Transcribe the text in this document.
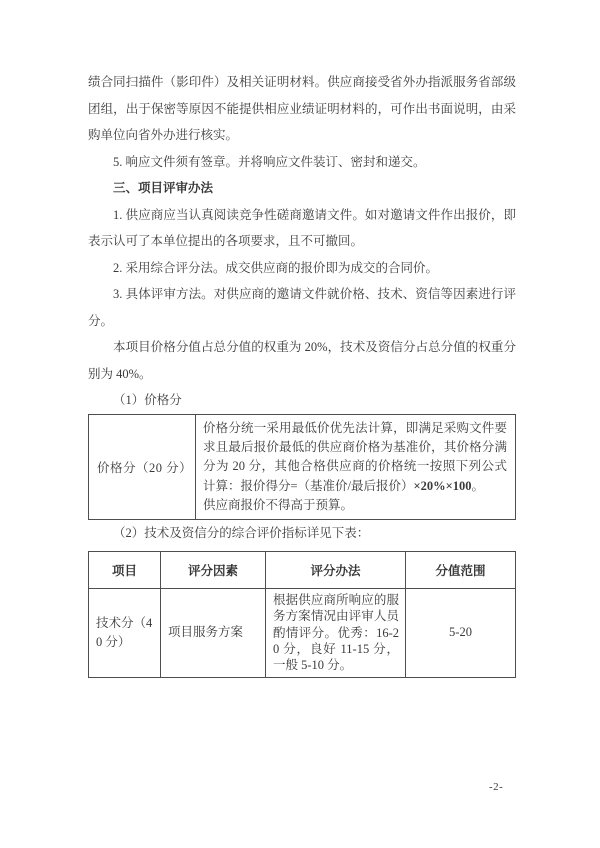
绩合同扫描件（影印件）及相关证明材料。供应商接受省外办指派服务省部级团组，出于保密等原因不能提供相应业绩证明材料的，可作出书面说明，由采购单位向省外办进行核实。

5. 响应文件须有签章。并将响应文件装订、密封和递交。

三、项目评审办法

1. 供应商应当认真阅读竞争性磋商邀请文件。如对邀请文件作出报价，即表示认可了本单位提出的各项要求，且不可撤回。

2. 采用综合评分法。成交供应商的报价即为成交的合同价。

3. 具体评审方法。对供应商的邀请文件就价格、技术、资信等因素进行评分。

本项目价格分值占总分值的权重为 20%，技术及资信分占总分值的权重分别为 40%。

（1）价格分

价格分（20 分）	价格分统一采用最低价优先法计算，即满足采购文件要求且最后报价最低的供应商价格为基准价，其价格分满分为 20 分，其他合格供应商的价格统一按照下列公式计算：报价得分=（基准价/最后报价）×20%×100。
供应商报价不得高于预算。

（2）技术及资信分的综合评价指标详见下表：

项目	评分因素	评分办法	分值范围
技术分（40 分）	项目服务方案	根据供应商所响应的服务方案情况由评审人员酌情评分。优秀：16-20 分，良好 11-15 分，一般 5-10 分。	5-20
-2-
